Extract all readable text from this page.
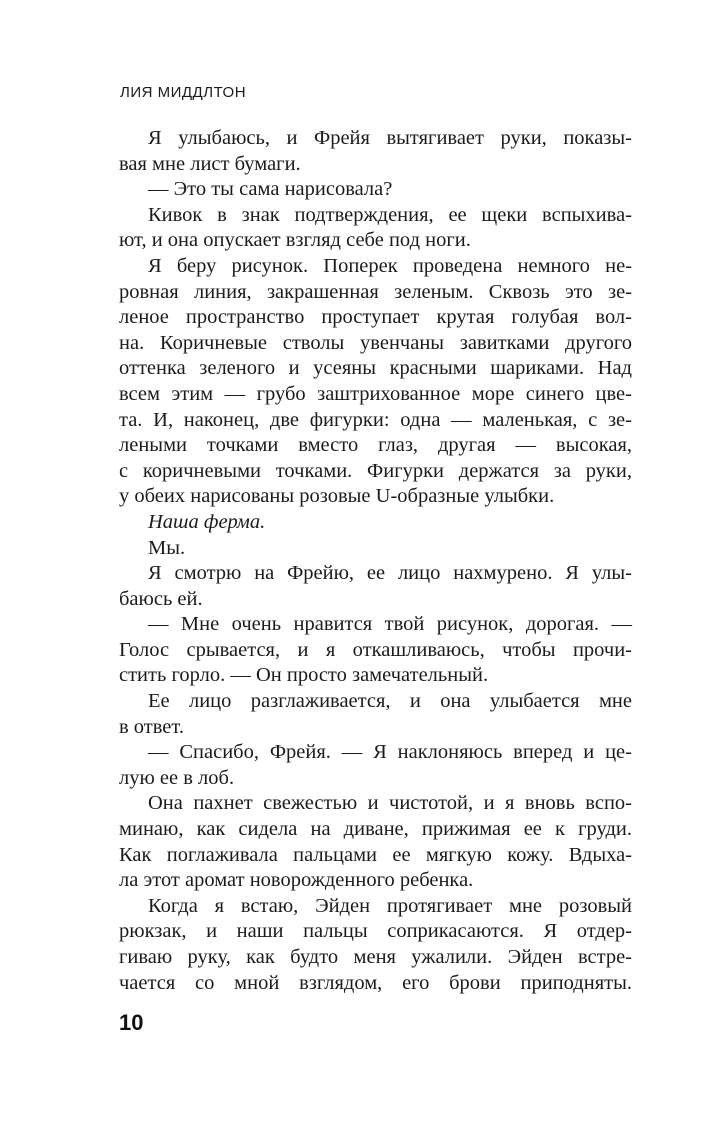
ЛИЯ МИДДЛТОН
Я улыбаюсь, и Фрейя вытягивает руки, показы-
вая мне лист бумаги.
— Это ты сама нарисовала?
Кивок в знак подтверждения, ее щеки вспыхива-
ют, и она опускает взгляд себе под ноги.
Я беру рисунок. Поперек проведена немного не-
ровная линия, закрашенная зеленым. Сквозь это зе-
леное пространство проступает крутая голубая вол-
на. Коричневые стволы увенчаны завитками другого
оттенка зеленого и усеяны красными шариками. Над
всем этим — грубо заштрихованное море синего цве-
та. И, наконец, две фигурки: одна — маленькая, с зе-
леными точками вместо глаз, другая — высокая,
с коричневыми точками. Фигурки держатся за руки,
у обеих нарисованы розовые U-образные улыбки.
Наша ферма.
Мы.
Я смотрю на Фрейю, ее лицо нахмурено. Я улы-
баюсь ей.
— Мне очень нравится твой рисунок, дорогая. —
Голос срывается, и я откашливаюсь, чтобы прочи-
стить горло. — Он просто замечательный.
Ее лицо разглаживается, и она улыбается мне
в ответ.
— Спасибо, Фрейя. — Я наклоняюсь вперед и це-
лую ее в лоб.
Она пахнет свежестью и чистотой, и я вновь вспо-
минаю, как сидела на диване, прижимая ее к груди.
Как поглаживала пальцами ее мягкую кожу. Вдыха-
ла этот аромат новорожденного ребенка.
Когда я встаю, Эйден протягивает мне розовый
рюкзак, и наши пальцы соприкасаются. Я отдер-
гиваю руку, как будто меня ужалили. Эйден встре-
чается со мной взглядом, его брови приподняты.
10
